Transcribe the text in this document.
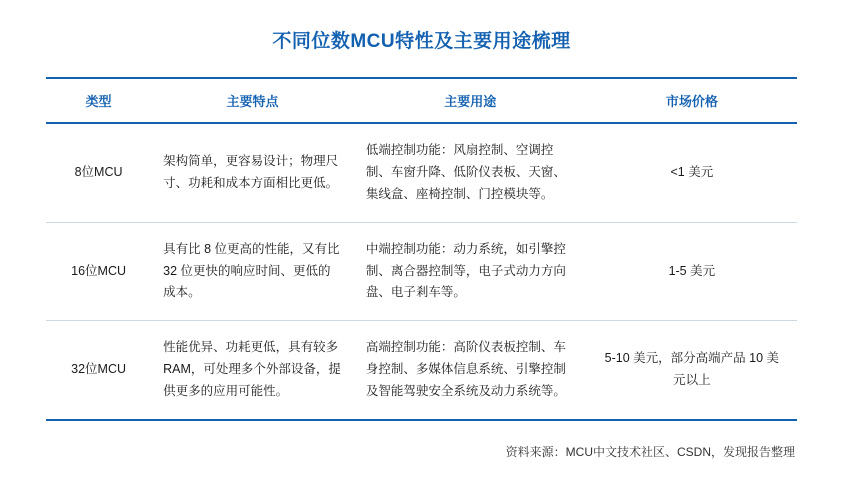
不同位数MCU特性及主要用途梳理
类型	主要特点	主要用途	市场价格
8位MCU	架构简单，更容易设计；物理尺寸、功耗和成本方面相比更低。	低端控制功能：风扇控制、空调控制、车窗升降、低阶仪表板、天窗、集线盒、座椅控制、门控模块等。	<1 美元
16位MCU	具有比 8 位更高的性能，又有比 32 位更快的响应时间、更低的成本。	中端控制功能：动力系统，如引擎控制、离合器控制等，电子式动力方向盘、电子剎车等。	1-5 美元
32位MCU	性能优异、功耗更低，具有较多 RAM，可处理多个外部设备，提供更多的应用可能性。	高端控制功能：高阶仪表板控制、车身控制、多媒体信息系统、引擎控制及智能驾驶安全系统及动力系统等。	5-10 美元，部分高端产品 10 美元以上
资料来源：MCU中文技术社区、CSDN，发现报告整理
